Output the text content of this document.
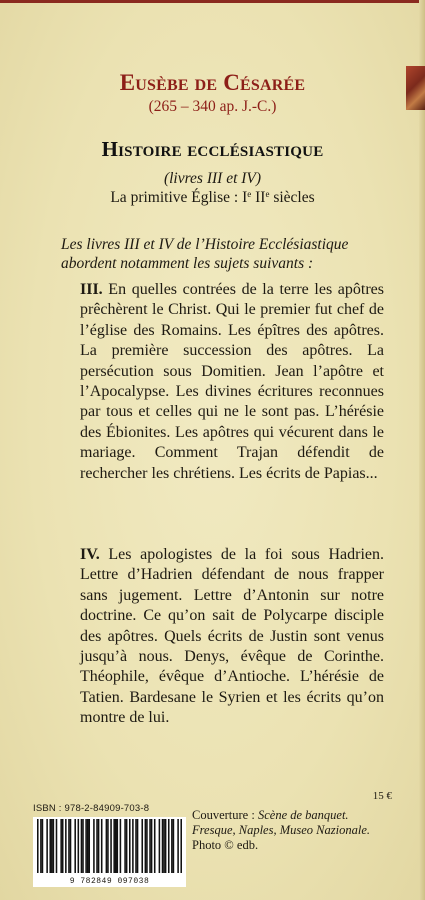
Eusèbe de Césarée
(265 – 340 ap. J.-C.)
Histoire ecclésiastique
(livres III et IV)
La primitive Église : Ie IIe siècles
Les livres III et IV de l’Histoire Ecclésiastique abordent notamment les sujets suivants :
III. En quelles contrées de la terre les apôtres prêchèrent le Christ. Qui le premier fut chef de l’église des Romains. Les épîtres des apôtres. La première succession des apôtres. La persécution sous Domitien. Jean l’apôtre et l’Apocalypse. Les divines écritures reconnues par tous et celles qui ne le sont pas. L’hérésie des Ébionites. Les apôtres qui vécurent dans le mariage. Comment Trajan défendit de rechercher les chrétiens. Les écrits de Papias...
IV. Les apologistes de la foi sous Hadrien. Lettre d’Hadrien défendant de nous frapper sans jugement. Lettre d’Antonin sur notre doctrine. Ce qu’on sait de Polycarpe disciple des apôtres. Quels écrits de Justin sont venus jusqu’à nous. Denys, évêque de Corinthe. Théophile, évêque d’Antioche. L’hérésie de Tatien. Bardesane le Syrien et les écrits qu’on montre de lui.
15 €
ISBN : 978-2-84909-703-8
9 782849 097038
Couverture : Scène de banquet.
Fresque, Naples, Museo Nazionale.
Photo © edb.
